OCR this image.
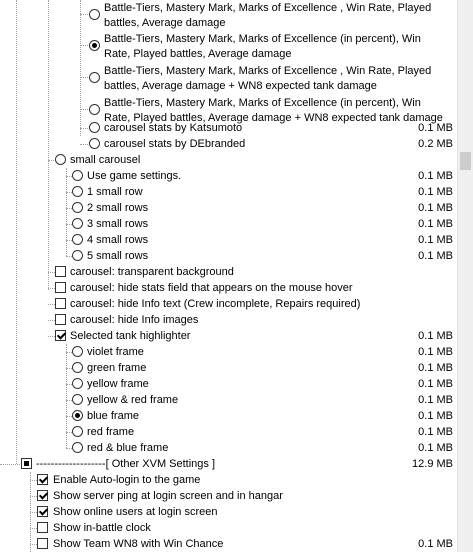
Battle-Tiers, Mastery Mark, Marks of Excellence , Win Rate, Played battles, Average damage
Battle-Tiers, Mastery Mark, Marks of Excellence (in percent), Win Rate, Played battles, Average damage
Battle-Tiers, Mastery Mark, Marks of Excellence , Win Rate, Played battles, Average damage + WN8 expected tank damage
Battle-Tiers, Mastery Mark, Marks of Excellence (in percent), Win Rate, Played battles, Average damage + WN8 expected tank damage
carousel stats by Katsumoto	0.1 MB
carousel stats by DEbranded	0.2 MB
small carousel
Use game settings.	0.1 MB
1 small row	0.1 MB
2 small rows	0.1 MB
3 small rows	0.1 MB
4 small rows	0.1 MB
5 small rows	0.1 MB
carousel: transparent background
carousel: hide stats field that appears on the mouse hover
carousel: hide Info text (Crew incomplete, Repairs required)
carousel: hide Info images
Selected tank highlighter	0.1 MB
violet frame	0.1 MB
green frame	0.1 MB
yellow frame	0.1 MB
yellow & red frame	0.1 MB
blue frame	0.1 MB
red frame	0.1 MB
red & blue frame	0.1 MB
-------------------[ Other XVM Settings ]	12.9 MB
Enable Auto-login to the game
Show server ping at login screen and in hangar
Show online users at login screen
Show in-battle clock
Show Team WN8 with Win Chance	0.1 MB
